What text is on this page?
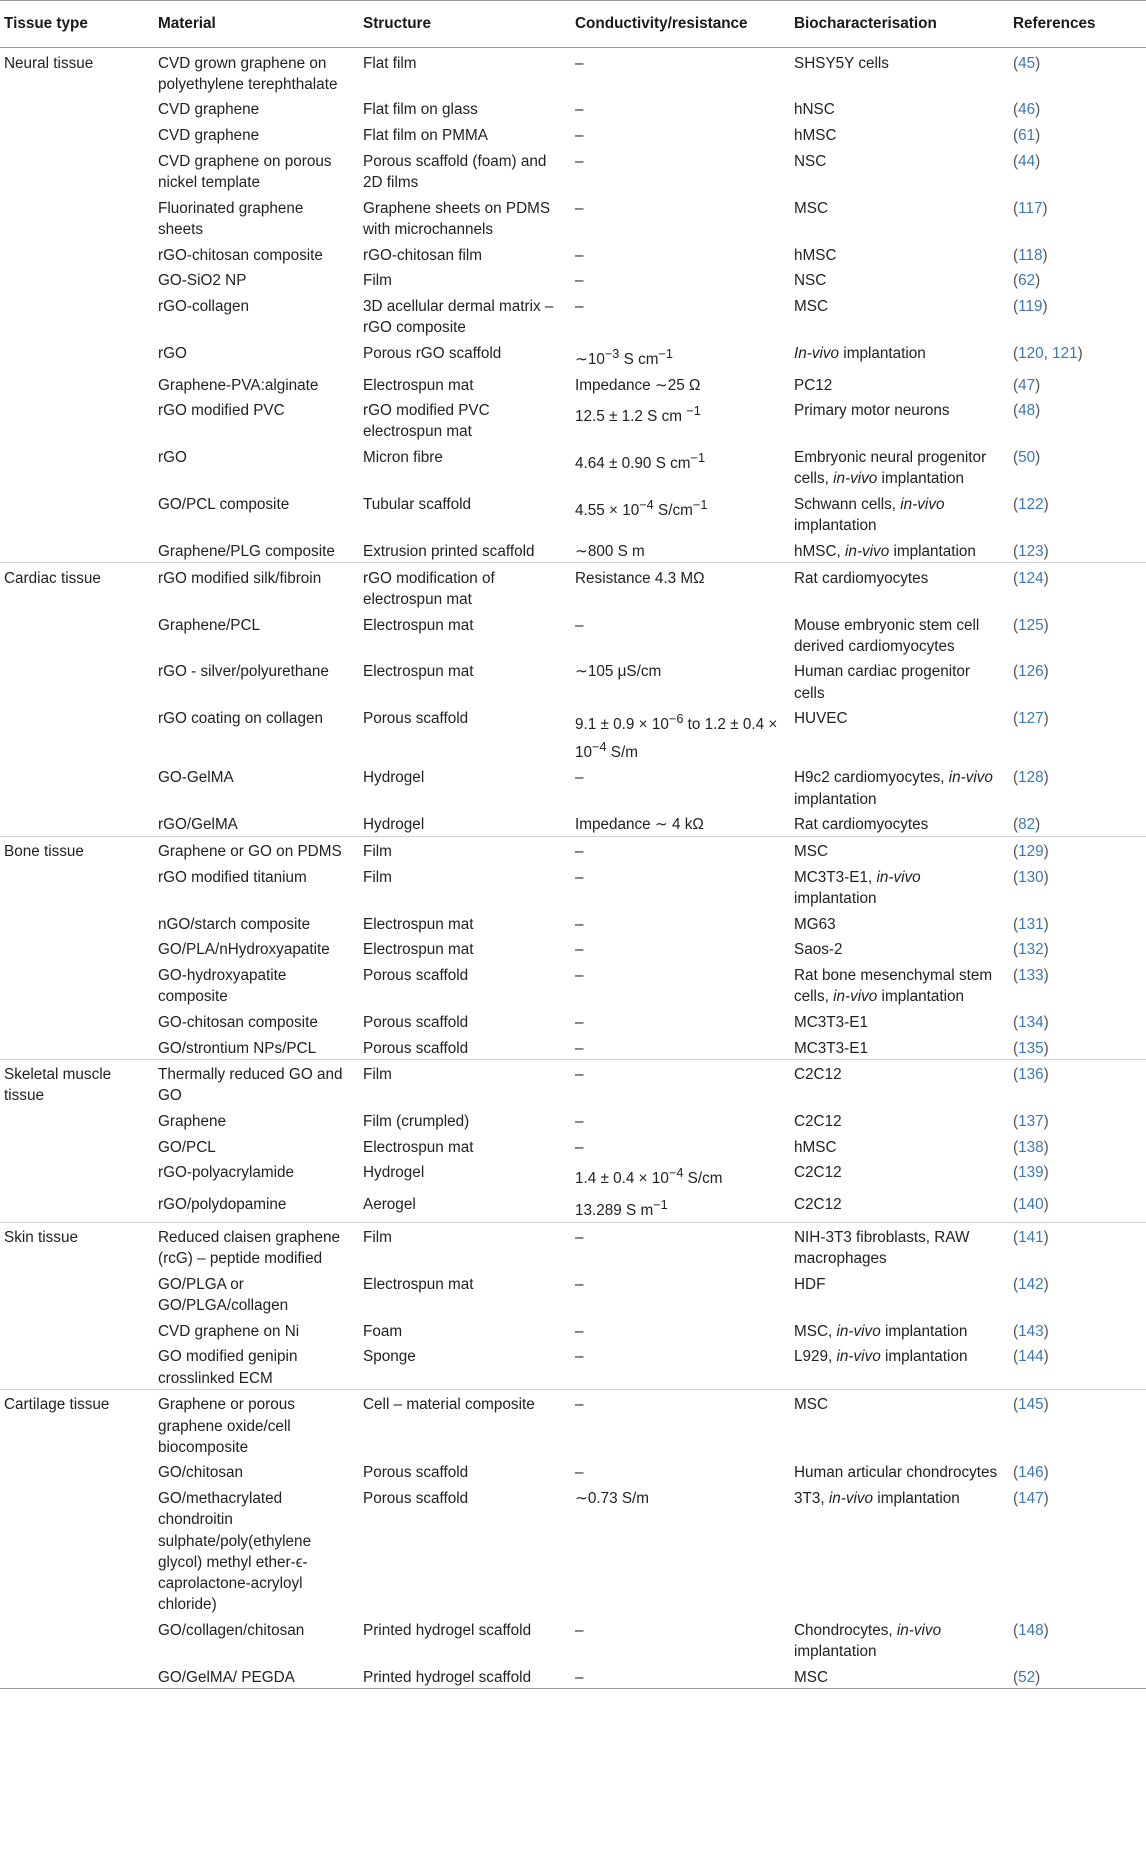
Tissue type	Material	Structure	Conductivity/resistance	Biocharacterisation	References
Neural tissue	CVD grown graphene on polyethylene terephthalate	Flat film	–	SHSY5Y cells	(45)
	CVD graphene	Flat film on glass	–	hNSC	(46)
	CVD graphene	Flat film on PMMA	–	hMSC	(61)
	CVD graphene on porous nickel template	Porous scaffold (foam) and 2D films	–	NSC	(44)
	Fluorinated graphene sheets	Graphene sheets on PDMS with microchannels	–	MSC	(117)
	rGO-chitosan composite	rGO-chitosan film	–	hMSC	(118)
	GO-SiO2 NP	Film	–	NSC	(62)
	rGO-collagen	3D acellular dermal matrix – rGO composite	–	MSC	(119)
	rGO	Porous rGO scaffold	$\sim 10^{-3}$ S $cm^{-1}$	In-vivo implantation	(120, 121)
	Graphene-PVA:alginate	Electrospun mat	Impedance ∼25 Ω	PC12	(47)
	rGO modified PVC	rGO modified PVC electrospun mat	12.5 ± 1.2 S cm $^{-1}$	Primary motor neurons	(48)
	rGO	Micron fibre	4.64 ± 0.90 S $cm^{-1}$	Embryonic neural progenitor cells, in-vivo implantation	(50)
	GO/PCL composite	Tubular scaffold	$4.55 \times 10^{-4}$ $S/cm^{-1}$	Schwann cells, in-vivo implantation	(122)
	Graphene/PLG composite	Extrusion printed scaffold	∼800 S m	hMSC, in-vivo implantation	(123)
Cardiac tissue	rGO modified silk/fibroin	rGO modification of electrospun mat	Resistance 4.3 MΩ	Rat cardiomyocytes	(124)
	Graphene/PCL	Electrospun mat	–	Mouse embryonic stem cell derived cardiomyocytes	(125)
	rGO - silver/polyurethane	Electrospun mat	∼105 μS/cm	Human cardiac progenitor cells	(126)
	rGO coating on collagen	Porous scaffold	$9.1 \pm 0.9 \times 10^{-6}$ to $1.2 \pm 0.4 \times 10^{-4}$ S/m	HUVEC	(127)
	GO-GelMA	Hydrogel	–	H9c2 cardiomyocytes, in-vivo implantation	(128)
	rGO/GelMA	Hydrogel	Impedance ∼ 4 kΩ	Rat cardiomyocytes	(82)
Bone tissue	Graphene or GO on PDMS	Film	–	MSC	(129)
	rGO modified titanium	Film	–	MC3T3-E1, in-vivo implantation	(130)
	nGO/starch composite	Electrospun mat	–	MG63	(131)
	GO/PLA/nHydroxyapatite	Electrospun mat	–	Saos-2	(132)
	GO-hydroxyapatite composite	Porous scaffold	–	Rat bone mesenchymal stem cells, in-vivo implantation	(133)
	GO-chitosan composite	Porous scaffold	–	MC3T3-E1	(134)
	GO/strontium NPs/PCL	Porous scaffold	–	MC3T3-E1	(135)
Skeletal muscle tissue	Thermally reduced GO and GO	Film	–	C2C12	(136)
	Graphene	Film (crumpled)	–	C2C12	(137)
	GO/PCL	Electrospun mat	–	hMSC	(138)
	rGO-polyacrylamide	Hydrogel	$1.4 \pm 0.4 \times 10^{-4}$ S/cm	C2C12	(139)
	rGO/polydopamine	Aerogel	13.289 S $m^{-1}$	C2C12	(140)
Skin tissue	Reduced claisen graphene (rcG) – peptide modified	Film	–	NIH-3T3 fibroblasts, RAW macrophages	(141)
	GO/PLGA or GO/PLGA/collagen	Electrospun mat	–	HDF	(142)
	CVD graphene on Ni	Foam	–	MSC, in-vivo implantation	(143)
	GO modified genipin crosslinked ECM	Sponge	–	L929, in-vivo implantation	(144)
Cartilage tissue	Graphene or porous graphene oxide/cell biocomposite	Cell – material composite	–	MSC	(145)
	GO/chitosan	Porous scaffold	–	Human articular chondrocytes	(146)
	GO/methacrylated chondroitin sulphate/poly(ethylene glycol) methyl ether-ϵ-caprolactone-acryloyl chloride)	Porous scaffold	∼0.73 S/m	3T3, in-vivo implantation	(147)
	GO/collagen/chitosan	Printed hydrogel scaffold	–	Chondrocytes, in-vivo implantation	(148)
	GO/GelMA/ PEGDA	Printed hydrogel scaffold	–	MSC	(52)
